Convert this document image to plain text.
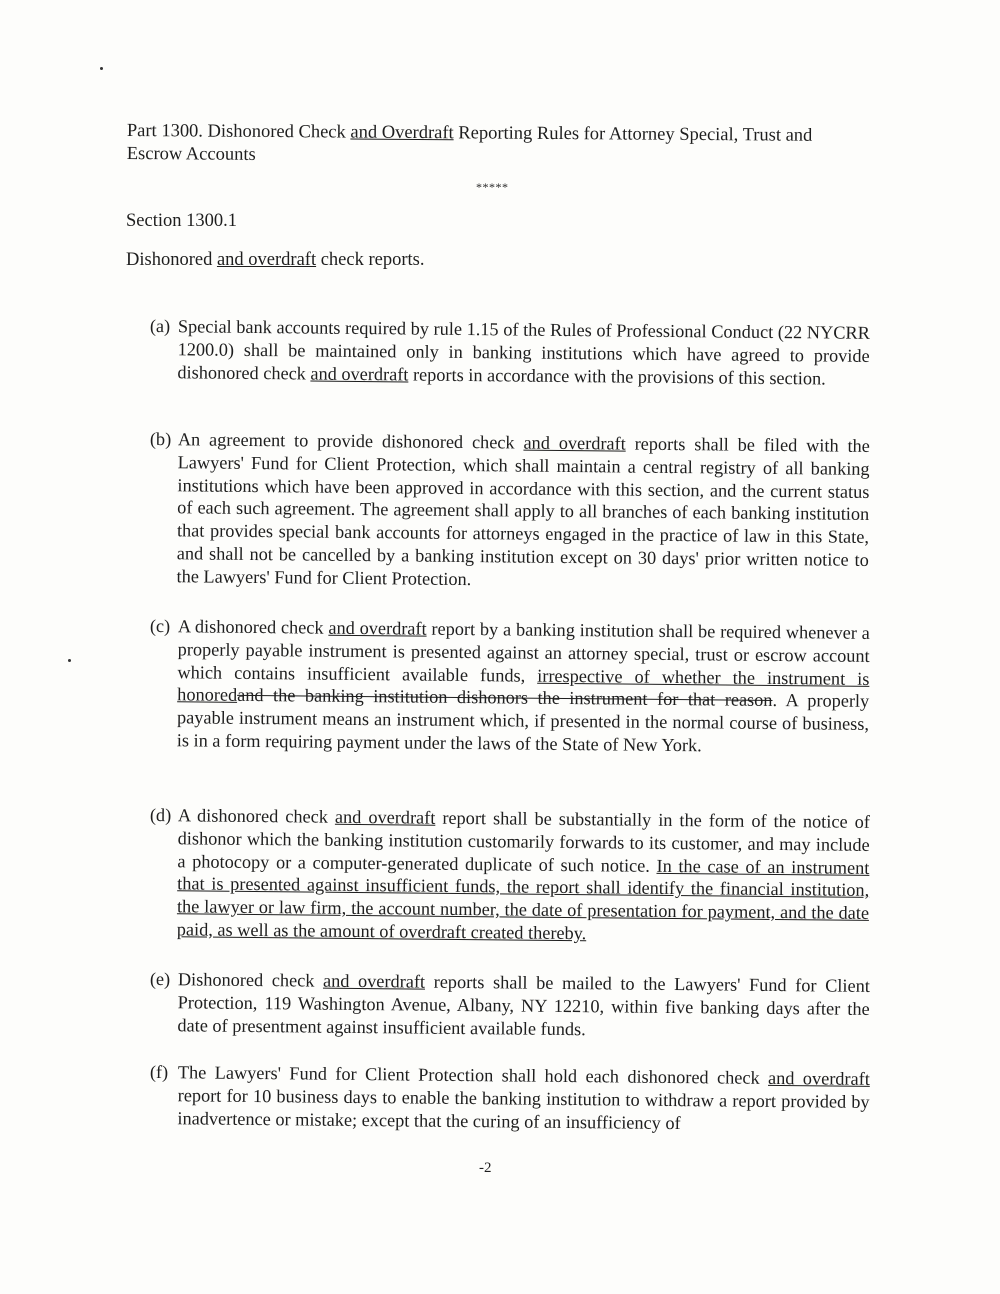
Part 1300. Dishonored Check and Overdraft Reporting Rules for Attorney Special, Trust and Escrow Accounts
*****
Section 1300.1
Dishonored and overdraft check reports.
(a) Special bank accounts required by rule 1.15 of the Rules of Professional Conduct (22 NYCRR 1200.0) shall be maintained only in banking institutions which have agreed to provide dishonored check and overdraft reports in accordance with the provisions of this section.
(b) An agreement to provide dishonored check and overdraft reports shall be filed with the Lawyers' Fund for Client Protection, which shall maintain a central registry of all banking institutions which have been approved in accordance with this section, and the current status of each such agreement. The agreement shall apply to all branches of each banking institution that provides special bank accounts for attorneys engaged in the practice of law in this State, and shall not be cancelled by a banking institution except on 30 days' prior written notice to the Lawyers' Fund for Client Protection.
(c) A dishonored check and overdraft report by a banking institution shall be required whenever a properly payable instrument is presented against an attorney special, trust or escrow account which contains insufficient available funds, irrespective of whether the instrument is honoredand the banking institution dishonors the instrument for that reason. A properly payable instrument means an instrument which, if presented in the normal course of business, is in a form requiring payment under the laws of the State of New York.
(d) A dishonored check and overdraft report shall be substantially in the form of the notice of dishonor which the banking institution customarily forwards to its customer, and may include a photocopy or a computer-generated duplicate of such notice. In the case of an instrument that is presented against insufficient funds, the report shall identify the financial institution, the lawyer or law firm, the account number, the date of presentation for payment, and the date paid, as well as the amount of overdraft created thereby.
(e) Dishonored check and overdraft reports shall be mailed to the Lawyers' Fund for Client Protection, 119 Washington Avenue, Albany, NY 12210, within five banking days after the date of presentment against insufficient available funds.
(f) The Lawyers' Fund for Client Protection shall hold each dishonored check and overdraft report for 10 business days to enable the banking institution to withdraw a report provided by inadvertence or mistake; except that the curing of an insufficiency of
-2
